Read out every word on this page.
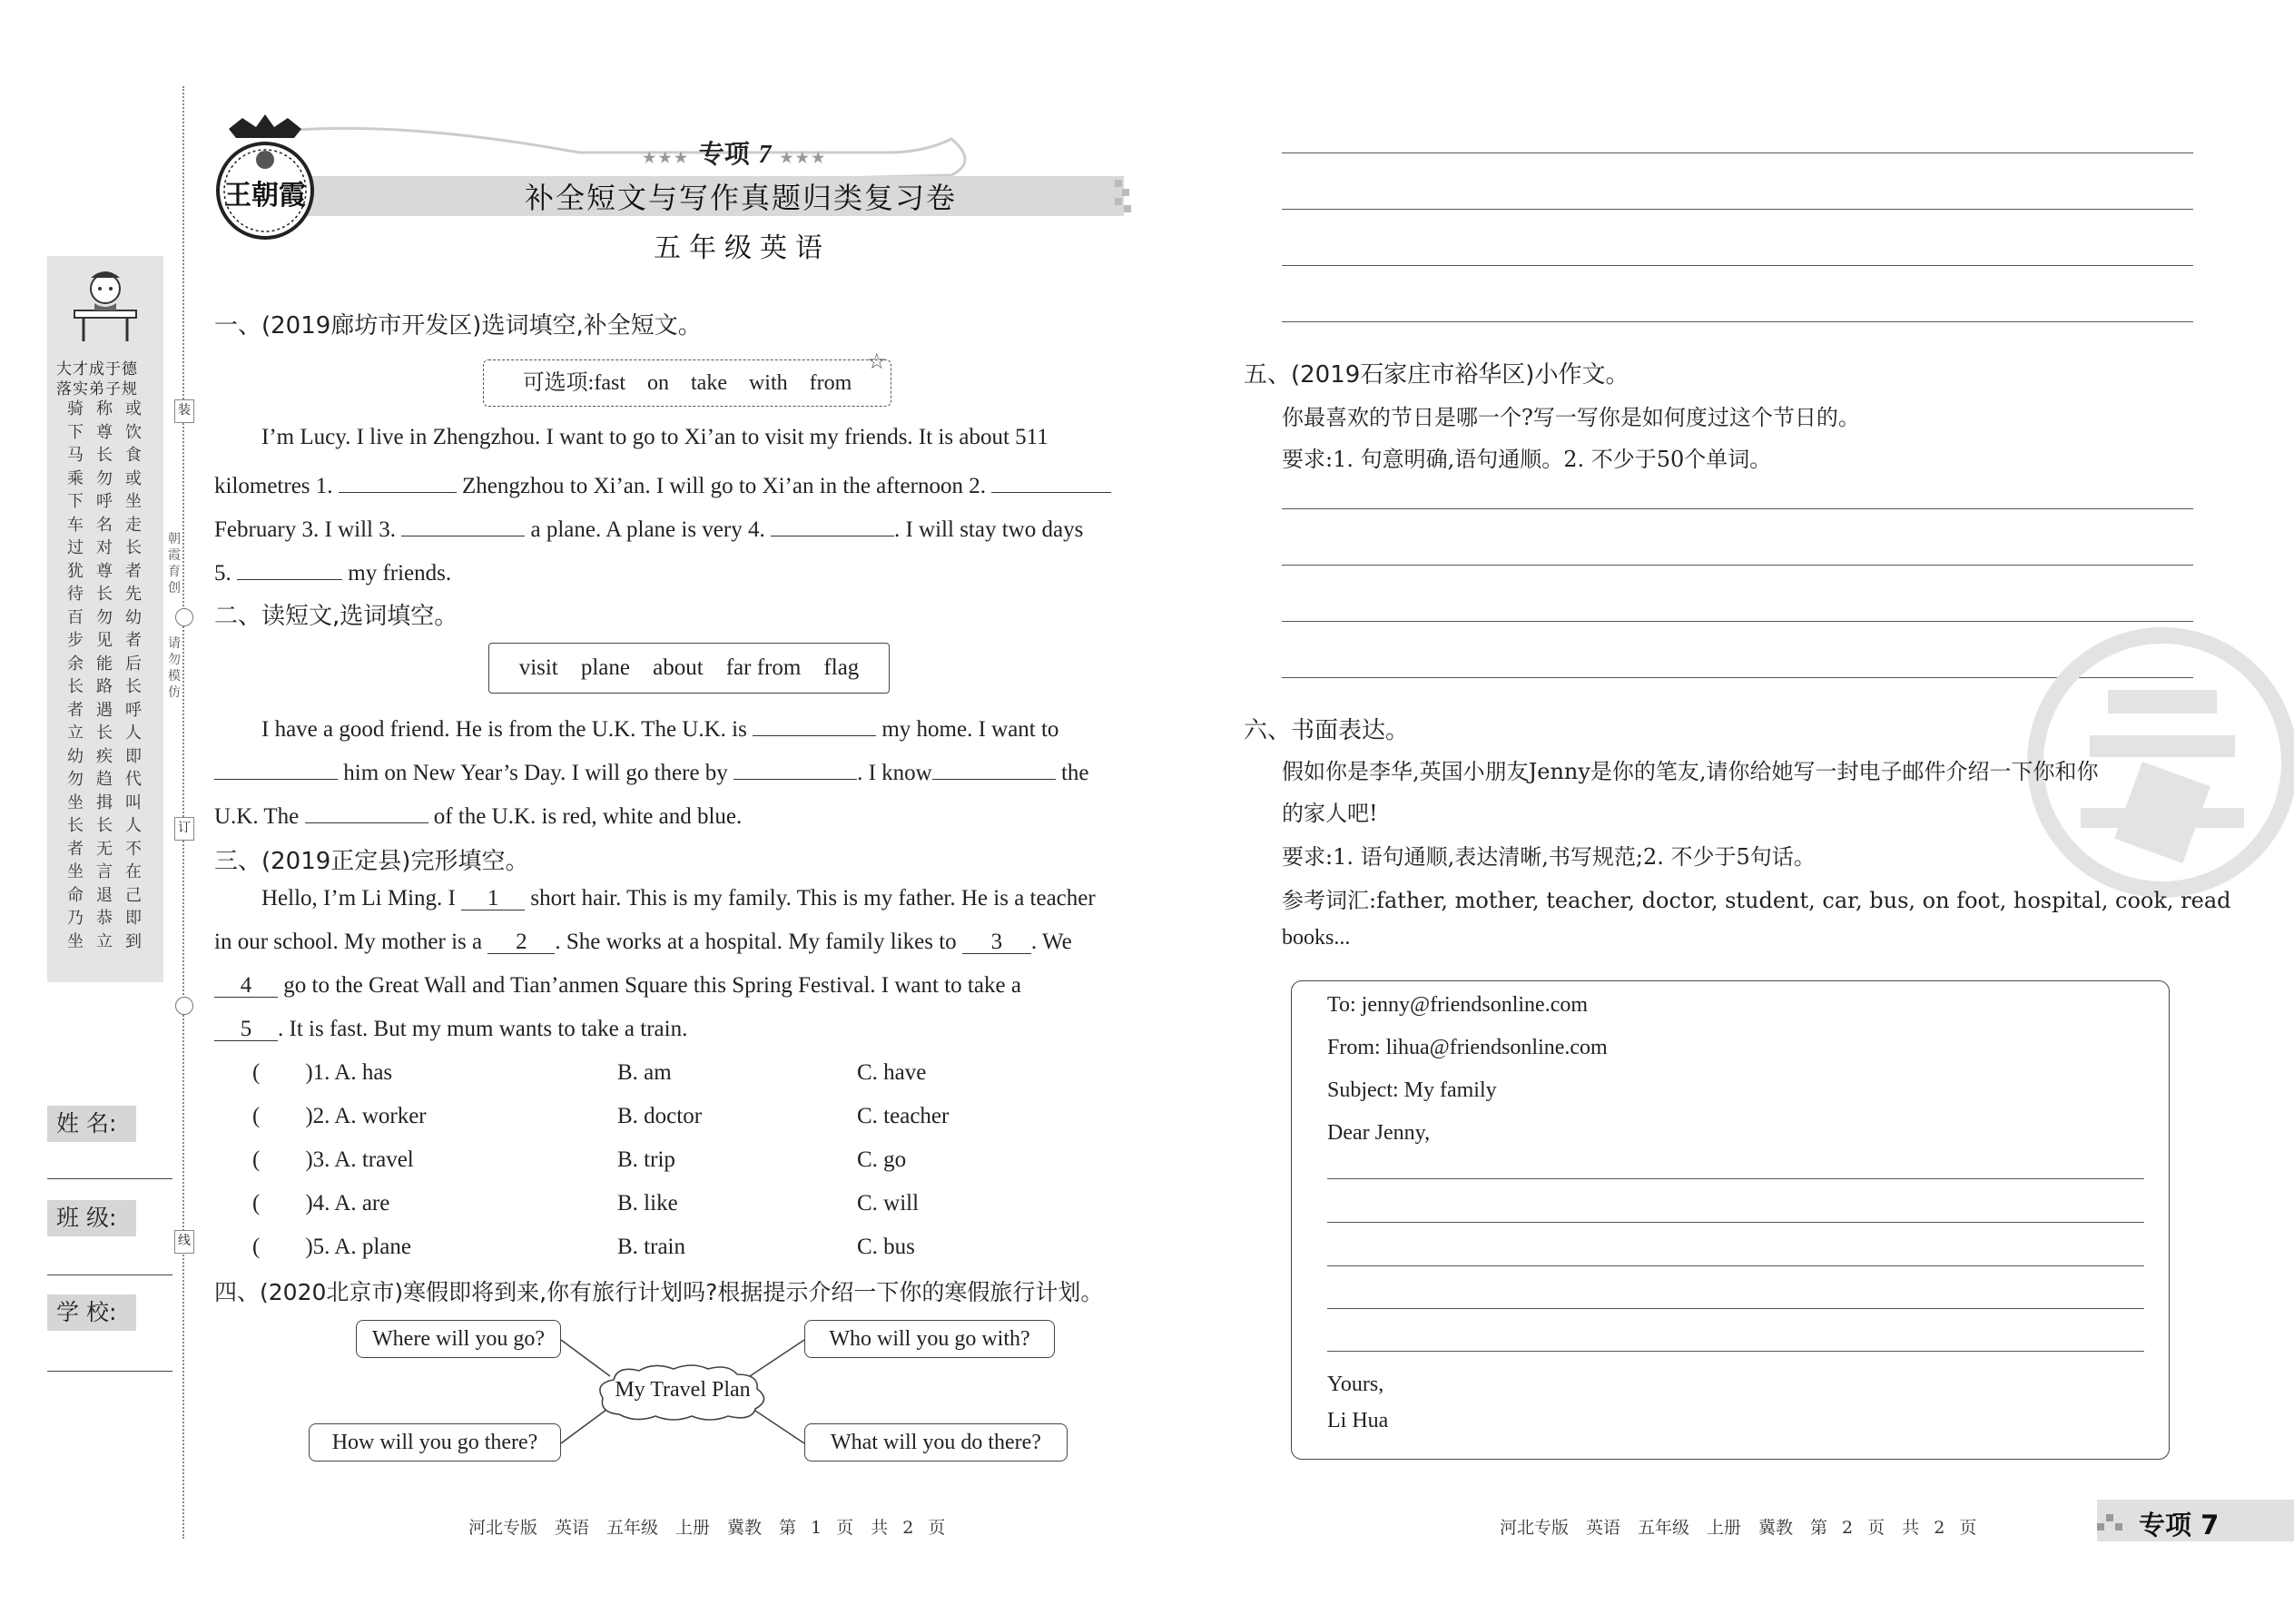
大才成于德
落实弟子规
骑下马乘下车过犹待百步余长者立幼勿坐长者坐命乃坐
称尊长勿呼名对尊长勿见能路遇长疾趋揖长无言退恭立
或饮食或坐走长者先幼者后长呼人即代叫人不在己即到
装
订
线
朝霞育创
请勿模仿
姓 名:
班 级:
学 校:
王朝霞
★★★ 专项 7 ★★★
补全短文与写作真题归类复习卷
五年级英语
一、(2019廊坊市开发区)选词填空,补全短文。
可选项:fast　on　take　with　from
☆
I’m Lucy. I live in Zhengzhou. I want to go to Xi’an to visit my friends. It is about 511
kilometres 1.	Zhengzhou to Xi’an. I will go to Xi’an in the afternoon 2.
February 3. I will 3.	a plane. A plane is very 4.	. I will stay two days
5.	my friends.
二、读短文,选词填空。
visit plane about far from flag
I have a good friend. He is from the U.K. The U.K. is	my home. I want to
him on New Year’s Day. I will go there by	. I know	the
U.K. The	of the U.K. is red, white and blue.
三、(2019正定县)完形填空。
Hello, I’m Li Ming. I 1 short hair. This is my family. This is my father. He is a teacher
in our school. My mother is a 2 . She works at a hospital. My family likes to 3 . We
4 go to the Great Wall and Tian’anmen Square this Spring Festival. I want to take a
5 . It is fast. But my mum wants to take a train.
( )1. A. has	B. am	C. have
( )2. A. worker	B. doctor	C. teacher
( )3. A. travel	B. trip	C. go
( )4. A. are	B. like	C. will
( )5. A. plane	B. train	C. bus
四、(2020北京市)寒假即将到来,你有旅行计划吗?根据提示介绍一下你的寒假旅行计划。
Where will you go?	Who will you go with?
How will you go there?	What will you do there?
My Travel Plan
五、(2019石家庄市裕华区)小作文。
你最喜欢的节日是哪一个?写一写你是如何度过这个节日的。
要求:1. 句意明确,语句通顺。2. 不少于50个单词。
六、书面表达。
假如你是李华,英国小朋友Jenny是你的笔友,请你给她写一封电子邮件介绍一下你和你
的家人吧!
要求:1. 语句通顺,表达清晰,书写规范;2. 不少于5句话。
参考词汇:father, mother, teacher, doctor, student, car, bus, on foot, hospital, cook, read
books...
To: jenny@friendsonline.com
From: lihua@friendsonline.com
Subject: My family
Dear Jenny,
Yours,
Li Hua
河北专版　英语　五年级　上册　冀教　第 1 页　共 2 页	河北专版　英语　五年级　上册　冀教　第 2 页　共 2 页	专项 7
